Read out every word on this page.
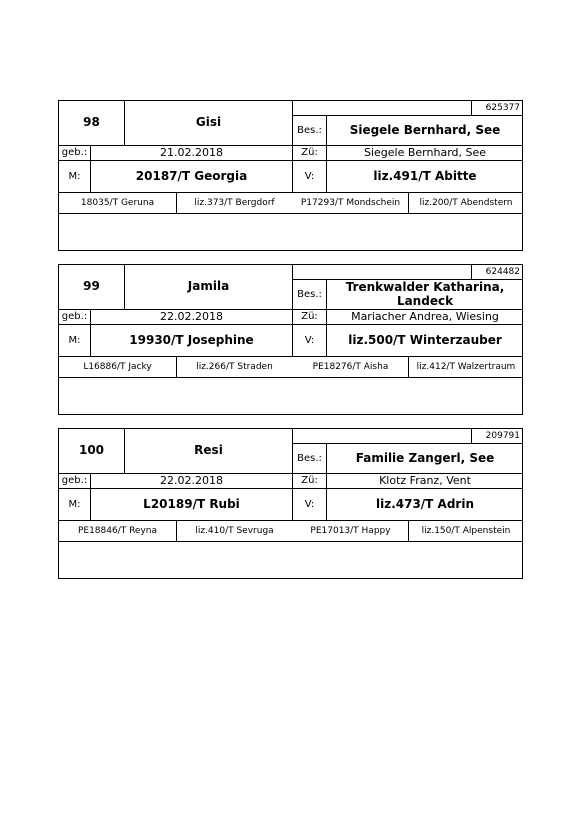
98	Gisi
625377
Bes.:	Siegele Bernhard, See
geb.:	21.02.2018	Zü:	Siegele Bernhard, See
M:	20187/T Georgia	V:	liz.491/T Abitte
18035/T Geruna	liz.373/T Bergdorf	P17293/T Mondschein	liz.200/T Abendstern
99	Jamila
624482
Bes.:
Trenkwalder Katharina, Landeck
geb.:	22.02.2018	Zü:	Mariacher Andrea, Wiesing
M:	19930/T Josephine	V:	liz.500/T Winterzauber
L16886/T Jacky	liz.266/T Straden	PE18276/T Aisha	liz.412/T Walzertraum
100	Resi
209791
Bes.:	Familie Zangerl, See
geb.:	22.02.2018	Zü:	Klotz Franz, Vent
M:	L20189/T Rubi	V:	liz.473/T Adrin
PE18846/T Reyna	liz.410/T Sevruga	PE17013/T Happy	liz.150/T Alpenstein
